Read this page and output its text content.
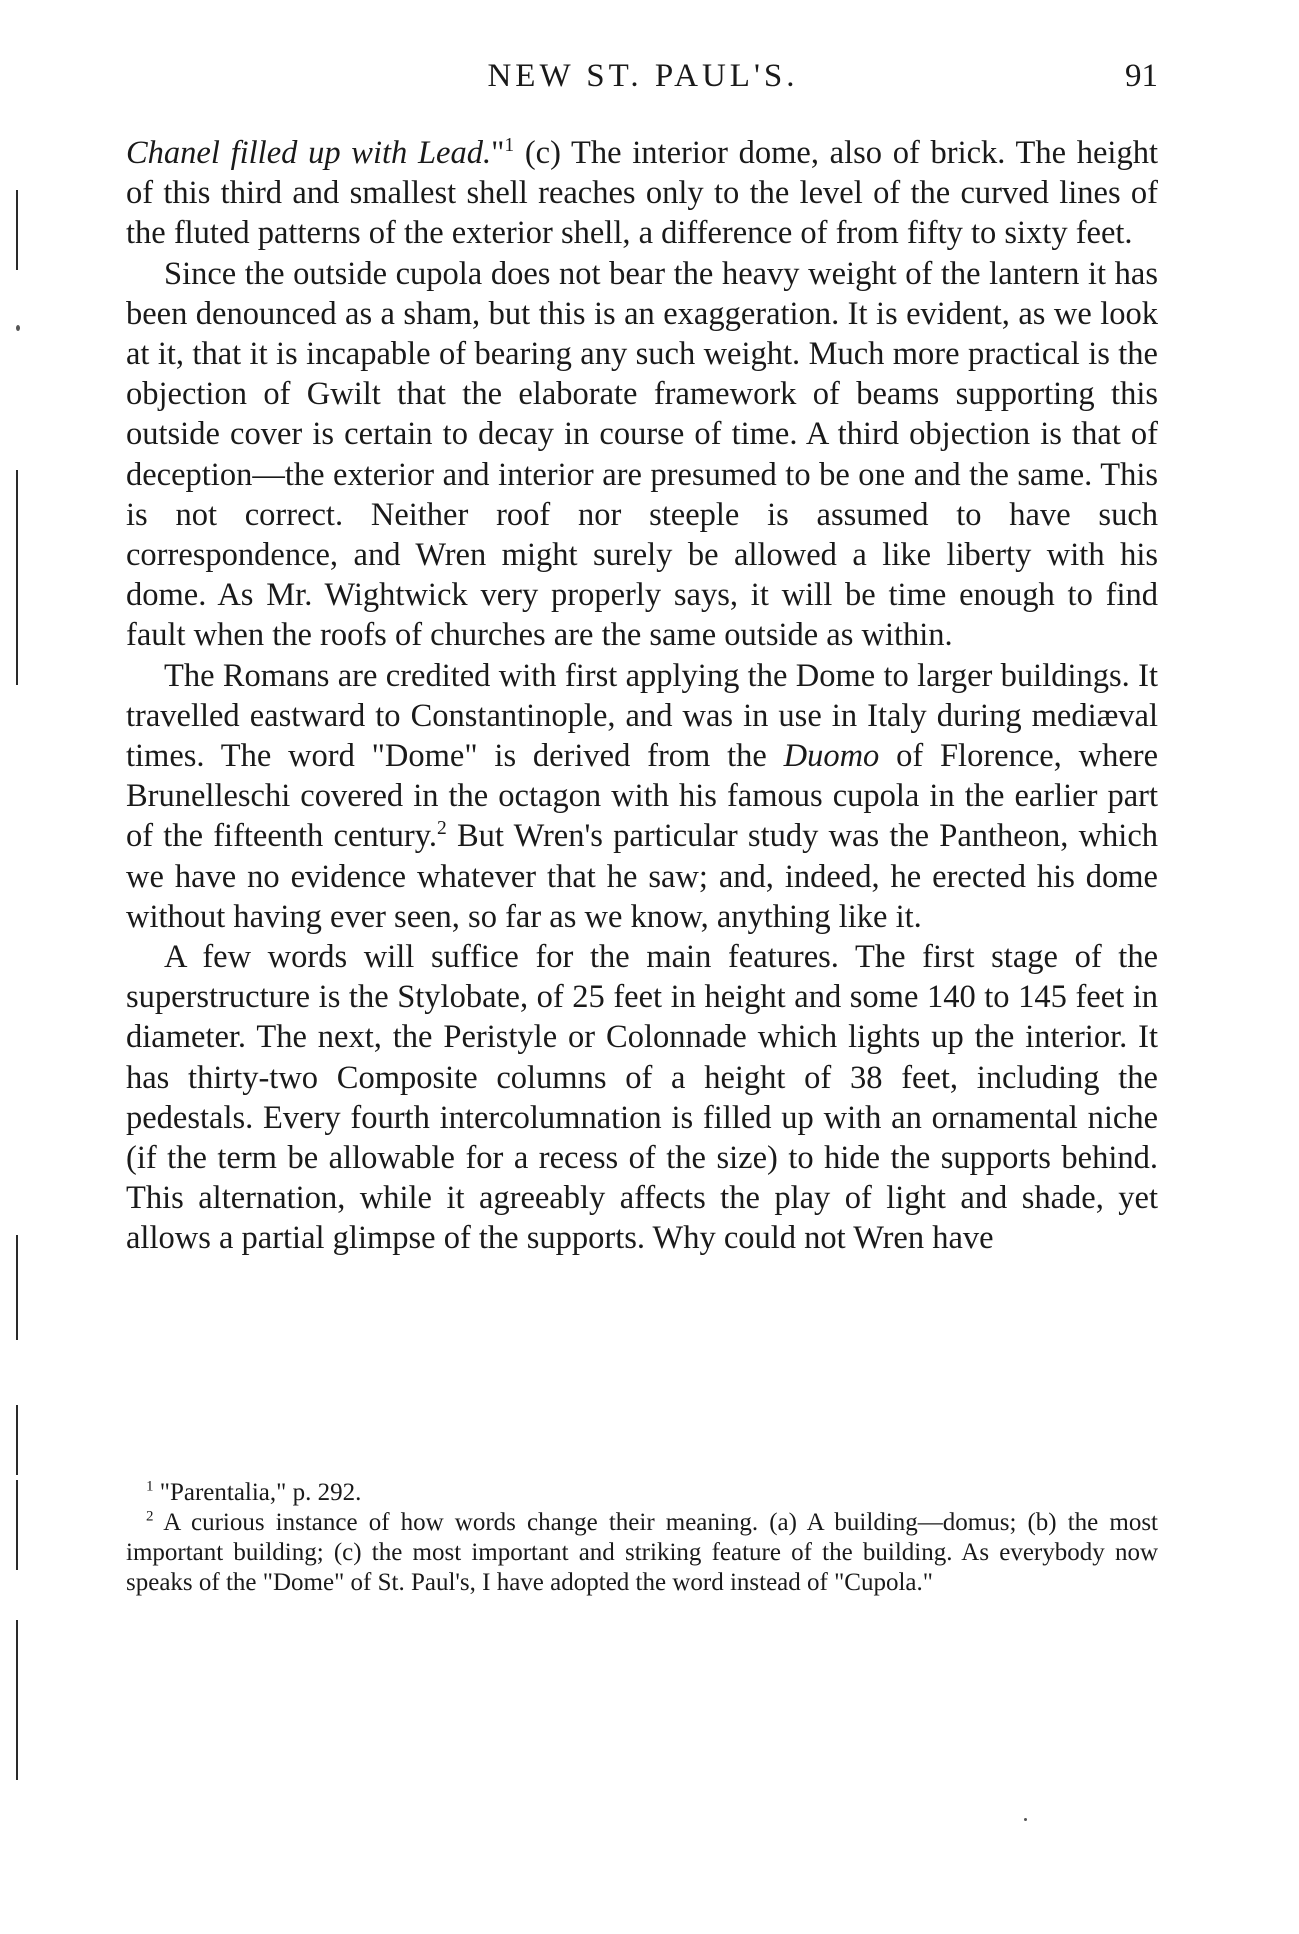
NEW ST. PAUL'S.	91

Chanel filled up with Lead."$^1$ (c) The interior dome, also of brick. The height of this third and smallest shell reaches only to the level of the curved lines of the fluted patterns of the exterior shell, a difference of from fifty to sixty feet.

Since the outside cupola does not bear the heavy weight of the lantern it has been denounced as a sham, but this is an exaggeration. It is evident, as we look at it, that it is incapable of bearing any such weight. Much more practical is the objection of Gwilt that the elaborate framework of beams supporting this outside cover is certain to decay in course of time. A third objection is that of deception—the exterior and interior are presumed to be one and the same. This is not correct. Neither roof nor steeple is assumed to have such correspondence, and Wren might surely be allowed a like liberty with his dome. As Mr. Wightwick very properly says, it will be time enough to find fault when the roofs of churches are the same outside as within.

The Romans are credited with first applying the Dome to larger buildings. It travelled eastward to Constantinople, and was in use in Italy during mediæval times. The word "Dome" is derived from the Duomo of Florence, where Brunelleschi covered in the octagon with his famous cupola in the earlier part of the fifteenth century.$^2$ But Wren's particular study was the Pantheon, which we have no evidence whatever that he saw; and, indeed, he erected his dome without having ever seen, so far as we know, anything like it.

A few words will suffice for the main features. The first stage of the superstructure is the Stylobate, of 25 feet in height and some 140 to 145 feet in diameter. The next, the Peristyle or Colonnade which lights up the interior. It has thirty-two Composite columns of a height of 38 feet, including the pedestals. Every fourth intercolumnation is filled up with an ornamental niche (if the term be allowable for a recess of the size) to hide the supports behind. This alternation, while it agreeably affects the play of light and shade, yet allows a partial glimpse of the supports. Why could not Wren have

$^1$ "Parentalia," p. 292.

$^2$ A curious instance of how words change their meaning. (a) A building—domus; (b) the most important building; (c) the most important and striking feature of the building. As everybody now speaks of the "Dome" of St. Paul's, I have adopted the word instead of "Cupola."
